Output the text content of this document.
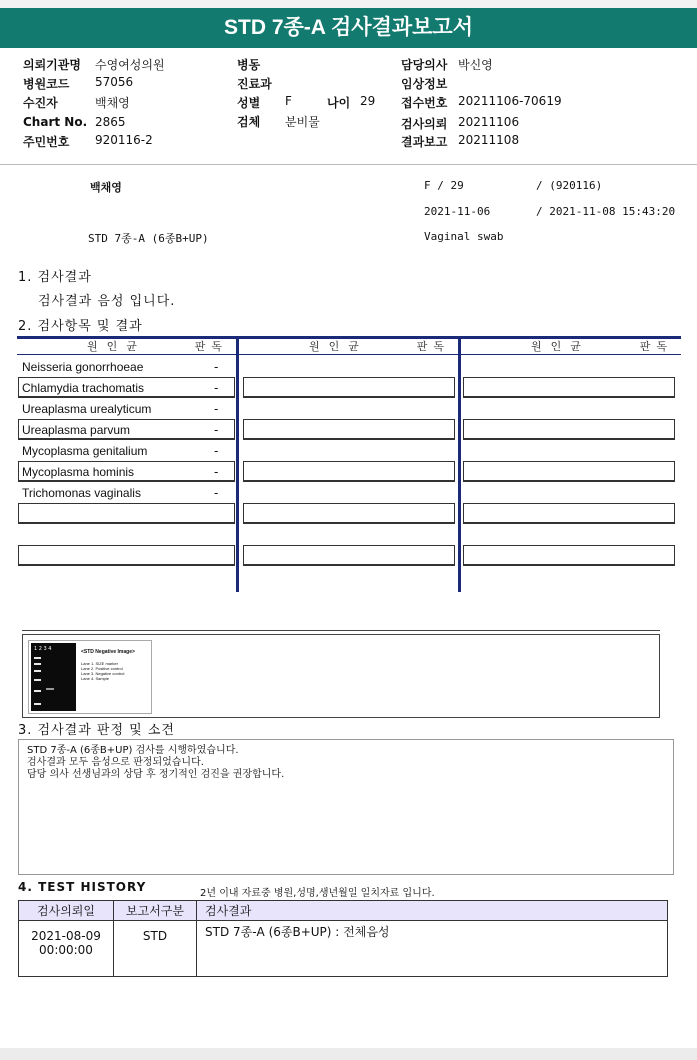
STD 7종-A 검사결과보고서
의뢰기관명 수영여성의원
병원코드 57056
수진자	백채영
Chart No. 2865
주민번호 920116-2
병동
진료과
성별 F	나이 29
검체 분비물
담당의사 박신영
임상정보
접수번호 20211106-70619
검사의뢰 20211106
결과보고 20211108
백채영	F / 29	/ (920116)
2021-11-06	/ 2021-11-08 15:43:20
STD 7종-A (6종B+UP)	Vaginal swab
1. 검사결과
검사결과 음성 입니다.
2. 검사항목 및 결과
원인균	판독	원인균	판독	원인균	판독
Neisseria gonorrhoeae	-
Chlamydia trachomatis	-
Ureaplasma urealyticum	-
Ureaplasma parvum	-
Mycoplasma genitalium	-
Mycoplasma hominis	-
Trichomonas vaginalis	-
1 2 3 4	<STD Negative Image>
Lane 1. SIZE marker
Lane 2. Positive control
Lane 3. Negative control
Lane 4. Sample
3. 검사결과 판정 및 소견
STD 7종-A (6종B+UP) 검사를 시행하였습니다.
검사결과 모두 음성으로 판정되었습니다.
담당 의사 선생님과의 상담 후 정기적인 검진을 권장합니다.
4. TEST HISTORY	2년 이내 자료중 병원,성명,생년월일 일치자료 입니다.
검사의뢰일	보고서구분	검사결과

2021-08-09
00:00:00	STD	STD 7종-A (6종B+UP) : 전체음성
